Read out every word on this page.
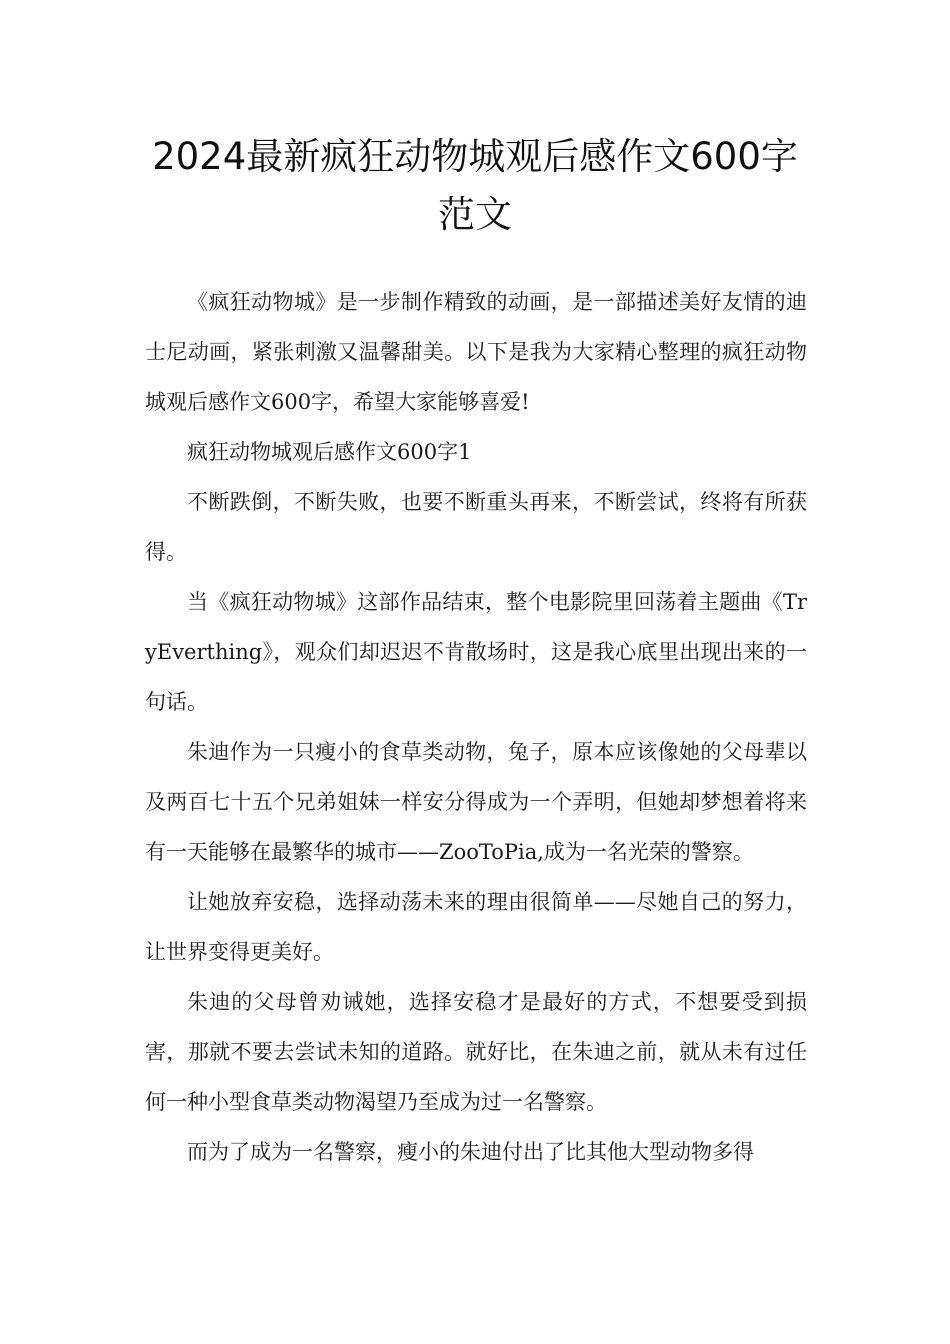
2024最新疯狂动物城观后感作文600字
范文

《疯狂动物城》是一步制作精致的动画，是一部描述美好友情的迪士尼动画，紧张刺激又温馨甜美。以下是我为大家精心整理的疯狂动物城观后感作文600字，希望大家能够喜爱!

疯狂动物城观后感作文600字1

不断跌倒，不断失败，也要不断重头再来，不断尝试，终将有所获得。

当《疯狂动物城》这部作品结束，整个电影院里回荡着主题曲《TryEverthing》，观众们却迟迟不肯散场时，这是我心底里出现出来的一句话。

朱迪作为一只瘦小的食草类动物，兔子，原本应该像她的父母辈以及两百七十五个兄弟姐妹一样安分得成为一个弄明，但她却梦想着将来有一天能够在最繁华的城市——ZooToPia,成为一名光荣的警察。

让她放弃安稳，选择动荡未来的理由很简单——尽她自己的努力，让世界变得更美好。

朱迪的父母曾劝诫她，选择安稳才是最好的方式，不想要受到损害，那就不要去尝试未知的道路。就好比，在朱迪之前，就从未有过任何一种小型食草类动物渴望乃至成为过一名警察。

而为了成为一名警察，瘦小的朱迪付出了比其他大型动物多得
